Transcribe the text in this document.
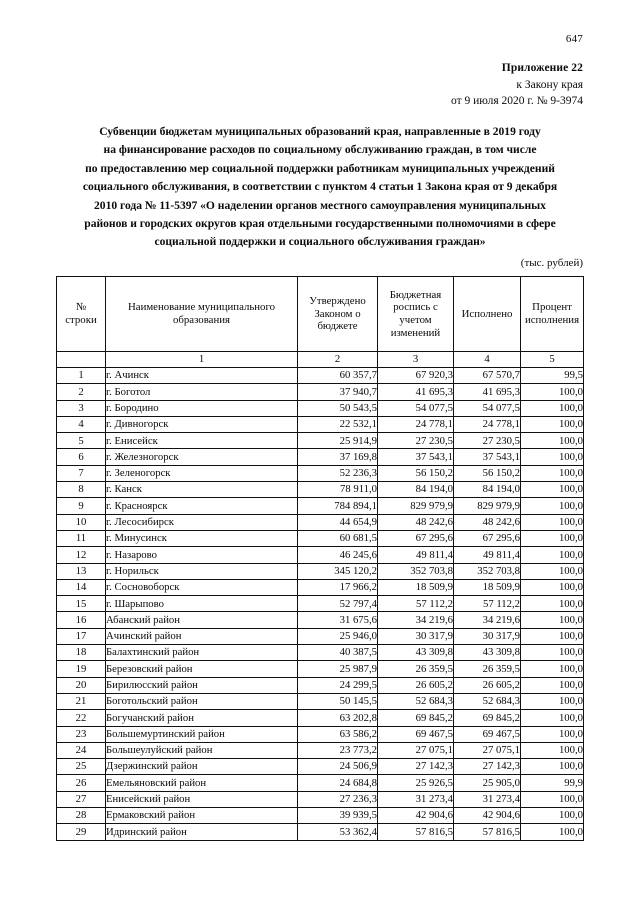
647
Приложение 22
к Закону края
от 9 июля 2020 г. № 9-3974
Субвенции бюджетам муниципальных образований края, направленные в 2019 году
на финансирование расходов по социальному обслуживанию граждан, в том числе
по предоставлению мер социальной поддержки работникам муниципальных учреждений
социального обслуживания, в соответствии с пунктом 4 статьи 1 Закона края от 9 декабря
2010 года № 11-5397 «О наделении органов местного самоуправления муниципальных
районов и городских округов края отдельными государственными полномочиями в сфере
социальной поддержки и социального обслуживания граждан»
(тыс. рублей)
№
строки	Наименование муниципального
образования	Утверждено
Законом о
бюджете	Бюджетная
роспись с
учетом
изменений	Исполнено	Процент
исполнения
	1	2	3	4	5
1	г. Ачинск	60 357,7	67 920,3	67 570,7	99,5
2	г. Боготол	37 940,7	41 695,3	41 695,3	100,0
3	г. Бородино	50 543,5	54 077,5	54 077,5	100,0
4	г. Дивногорск	22 532,1	24 778,1	24 778,1	100,0
5	г. Енисейск	25 914,9	27 230,5	27 230,5	100,0
6	г. Железногорск	37 169,8	37 543,1	37 543,1	100,0
7	г. Зеленогорск	52 236,3	56 150,2	56 150,2	100,0
8	г. Канск	78 911,0	84 194,0	84 194,0	100,0
9	г. Красноярск	784 894,1	829 979,9	829 979,9	100,0
10	г. Лесосибирск	44 654,9	48 242,6	48 242,6	100,0
11	г. Минусинск	60 681,5	67 295,6	67 295,6	100,0
12	г. Назарово	46 245,6	49 811,4	49 811,4	100,0
13	г. Норильск	345 120,2	352 703,8	352 703,8	100,0
14	г. Сосновоборск	17 966,2	18 509,9	18 509,9	100,0
15	г. Шарыпово	52 797,4	57 112,2	57 112,2	100,0
16	Абанский район	31 675,6	34 219,6	34 219,6	100,0
17	Ачинский район	25 946,0	30 317,9	30 317,9	100,0
18	Балахтинский район	40 387,5	43 309,8	43 309,8	100,0
19	Березовский район	25 987,9	26 359,5	26 359,5	100,0
20	Бирилюсский район	24 299,5	26 605,2	26 605,2	100,0
21	Боготольский район	50 145,5	52 684,3	52 684,3	100,0
22	Богучанский район	63 202,8	69 845,2	69 845,2	100,0
23	Большемуртинский район	63 586,2	69 467,5	69 467,5	100,0
24	Большеулуйский район	23 773,2	27 075,1	27 075,1	100,0
25	Дзержинский район	24 506,9	27 142,3	27 142,3	100,0
26	Емельяновский район	24 684,8	25 926,5	25 905,0	99,9
27	Енисейский район	27 236,3	31 273,4	31 273,4	100,0
28	Ермаковский район	39 939,5	42 904,6	42 904,6	100,0
29	Идринский район	53 362,4	57 816,5	57 816,5	100,0
